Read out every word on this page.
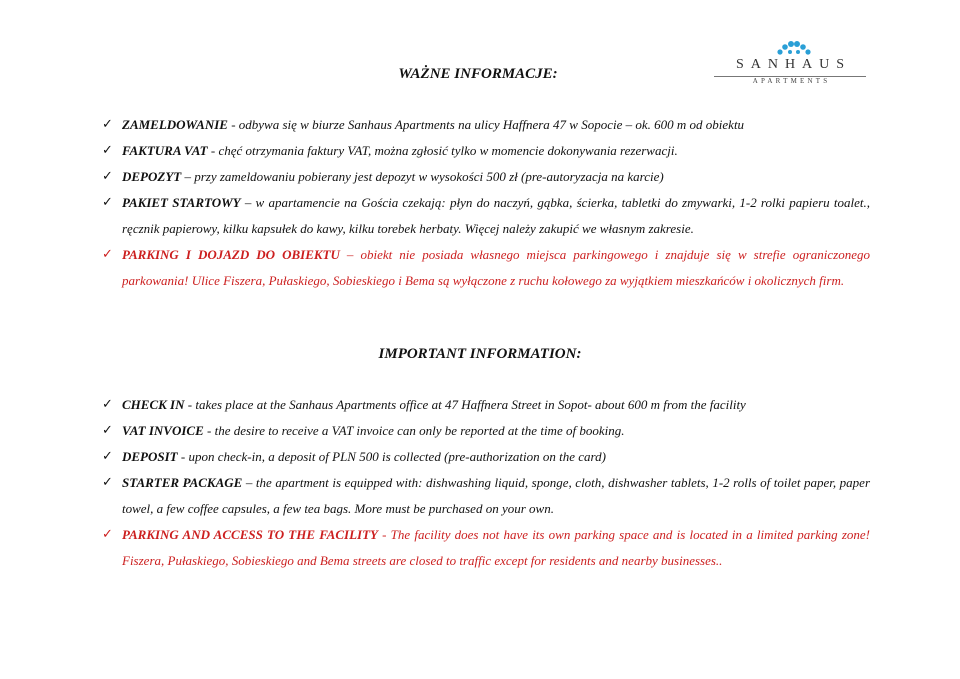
SANHAUS
APARTMENTS
WAŻNE INFORMACJE:
✓ ZAMELDOWANIE - odbywa się w biurze Sanhaus Apartments na ulicy Haffnera 47 w Sopocie – ok. 600 m od obiektu
✓ FAKTURA VAT - chęć otrzymania faktury VAT, można zgłosić tylko w momencie dokonywania rezerwacji.
✓ DEPOZYT – przy zameldowaniu pobierany jest depozyt w wysokości 500 zł (pre-autoryzacja na karcie)
✓ PAKIET STARTOWY – w apartamencie na Gościa czekają: płyn do naczyń, gąbka, ścierka, tabletki do zmywarki, 1-2 rolki papieru toalet., ręcznik papierowy, kilku kapsułek do kawy, kilku torebek herbaty. Więcej należy zakupić we własnym zakresie.
✓ PARKING I DOJAZD DO OBIEKTU – obiekt nie posiada własnego miejsca parkingowego i znajduje się w strefie ograniczonego parkowania! Ulice Fiszera, Pułaskiego, Sobieskiego i Bema są wyłączone z ruchu kołowego za wyjątkiem mieszkańców i okolicznych firm.
IMPORTANT INFORMATION:
✓ CHECK IN - takes place at the Sanhaus Apartments office at 47 Haffnera Street in Sopot- about 600 m from the facility
✓ VAT INVOICE - the desire to receive a VAT invoice can only be reported at the time of booking.
✓ DEPOSIT - upon check-in, a deposit of PLN 500 is collected (pre-authorization on the card)
✓ STARTER PACKAGE – the apartment is equipped with: dishwashing liquid, sponge, cloth, dishwasher tablets, 1-2 rolls of toilet paper, paper towel, a few coffee capsules, a few tea bags. More must be purchased on your own.
✓ PARKING AND ACCESS TO THE FACILITY - The facility does not have its own parking space and is located in a limited parking zone! Fiszera, Pułaskiego, Sobieskiego and Bema streets are closed to traffic except for residents and nearby businesses..
